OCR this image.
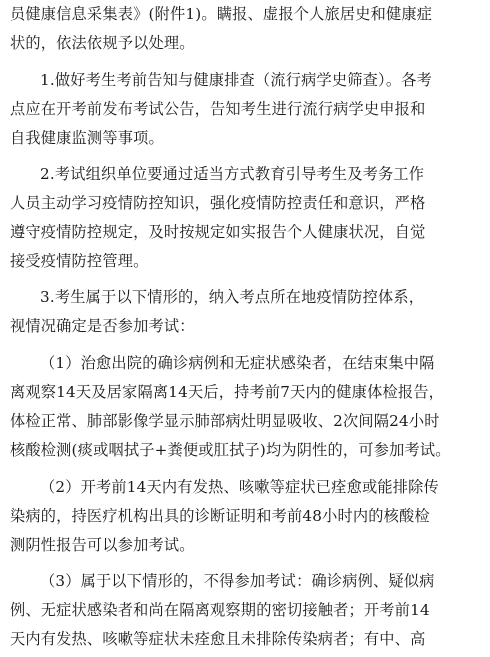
员健康信息采集表》(附件1)。瞒报、虚报个人旅居史和健康症
状的，依法依规予以处理。
1.做好考生考前告知与健康排查（流行病学史筛查）。各考
点应在开考前发布考试公告，告知考生进行流行病学史申报和
自我健康监测等事项。
2.考试组织单位要通过适当方式教育引导考生及考务工作
人员主动学习疫情防控知识，强化疫情防控责任和意识，严格
遵守疫情防控规定，及时按规定如实报告个人健康状况，自觉
接受疫情防控管理。
3.考生属于以下情形的，纳入考点所在地疫情防控体系，
视情况确定是否参加考试：
（1）治愈出院的确诊病例和无症状感染者，在结束集中隔
离观察14天及居家隔离14天后，持考前7天内的健康体检报告，
体检正常、肺部影像学显示肺部病灶明显吸收、2次间隔24小时
核酸检测(痰或咽拭子+粪便或肛拭子)均为阴性的，可参加考试。
（2）开考前14天内有发热、咳嗽等症状已痊愈或能排除传
染病的，持医疗机构出具的诊断证明和考前48小时内的核酸检
测阴性报告可以参加考试。
（3）属于以下情形的，不得参加考试：确诊病例、疑似病
例、无症状感染者和尚在隔离观察期的密切接触者；开考前14
天内有发热、咳嗽等症状未痊愈且未排除传染病者；有中、高
